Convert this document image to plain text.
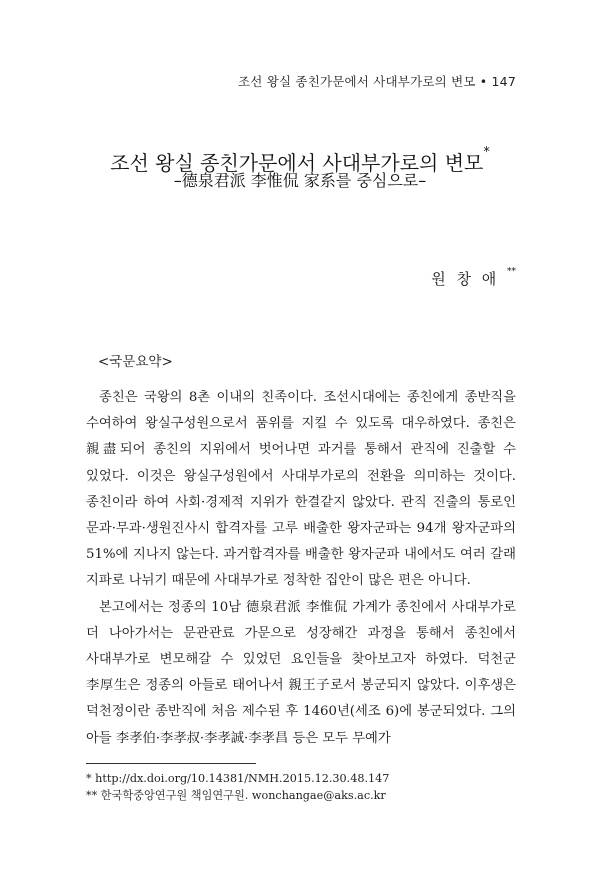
조선 왕실 종친가문에서 사대부가로의 변모 • 147
조선 왕실 종친가문에서 사대부가로의 변모*
–德泉君派 李惟侃 家系를 중심으로–
원 창 애 **
<국문요약>

종친은 국왕의 8촌 이내의 친족이다. 조선시대에는 종친에게 종반직을 수여하여 왕실구성원으로서 품위를 지킬 수 있도록 대우하였다. 종친은 親盡되어 종친의 지위에서 벗어나면 과거를 통해서 관직에 진출할 수 있었다. 이것은 왕실구성원에서 사대부가로의 전환을 의미하는 것이다. 종친이라 하여 사회·경제적 지위가 한결같지 않았다. 관직 진출의 통로인 문과·무과·생원진사시 합격자를 고루 배출한 왕자군파는 94개 왕자군파의 51%에 지나지 않는다. 과거합격자를 배출한 왕자군파 내에서도 여러 갈래 지파로 나뉘기 때문에 사대부가로 정착한 집안이 많은 편은 아니다.

본고에서는 정종의 10남 德泉君派 李惟侃 가계가 종친에서 사대부가로 더 나아가서는 문관관료 가문으로 성장해간 과정을 통해서 종친에서 사대부가로 변모해갈 수 있었던 요인들을 찾아보고자 하였다. 덕천군 李厚生은 정종의 아들로 태어나서 親王子로서 봉군되지 않았다. 이후생은 덕천정이란 종반직에 처음 제수된 후 1460년(세조 6)에 봉군되었다. 그의 아들 李孝伯·李孝叔·李孝誠·李孝昌 등은 모두 무예가

* http://dx.doi.org/10.14381/NMH.2015.12.30.48.147
** 한국학중앙연구원 책임연구원. wonchangae@aks.ac.kr
